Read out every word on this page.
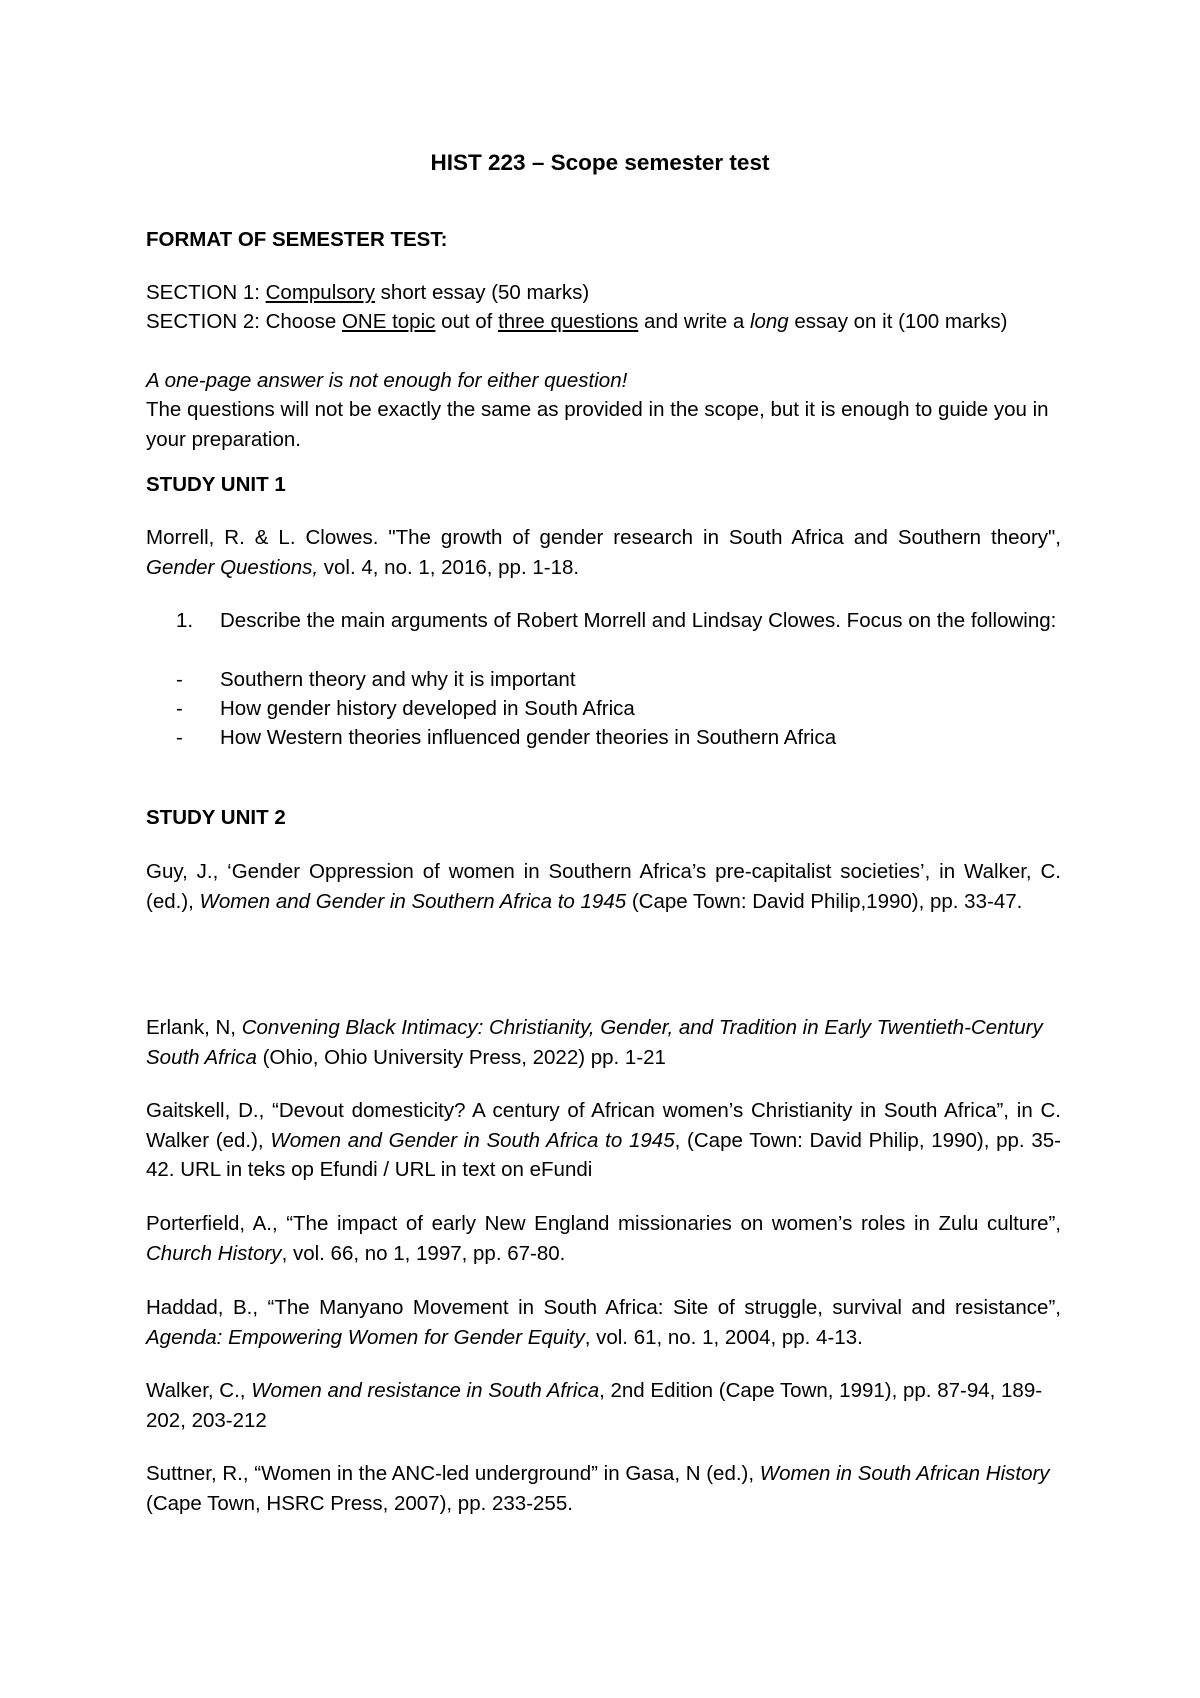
HIST 223 – Scope semester test
FORMAT OF SEMESTER TEST:
SECTION 1: Compulsory short essay (50 marks)
SECTION 2: Choose ONE topic out of three questions and write a long essay on it (100 marks)
A one-page answer is not enough for either question!
The questions will not be exactly the same as provided in the scope, but it is enough to guide you in your preparation.
STUDY UNIT 1
Morrell, R. & L. Clowes. "The growth of gender research in South Africa and Southern theory", Gender Questions, vol. 4, no. 1, 2016, pp. 1-18.
1.	Describe the main arguments of Robert Morrell and Lindsay Clowes. Focus on the following:
-	Southern theory and why it is important
-	How gender history developed in South Africa
-	How Western theories influenced gender theories in Southern Africa
STUDY UNIT 2
Guy, J., ‘Gender Oppression of women in Southern Africa’s pre-capitalist societies’, in Walker, C. (ed.), Women and Gender in Southern Africa to 1945 (Cape Town: David Philip,1990), pp. 33-47.
Erlank, N, Convening Black Intimacy: Christianity, Gender, and Tradition in Early Twentieth-Century South Africa (Ohio, Ohio University Press, 2022) pp. 1-21
Gaitskell, D., “Devout domesticity? A century of African women’s Christianity in South Africa”, in C. Walker (ed.), Women and Gender in South Africa to 1945, (Cape Town: David Philip, 1990), pp. 35-42. URL in teks op Efundi / URL in text on eFundi
Porterfield, A., “The impact of early New England missionaries on women’s roles in Zulu culture”, Church History, vol. 66, no 1, 1997, pp. 67-80.
Haddad, B., “The Manyano Movement in South Africa: Site of struggle, survival and resistance”, Agenda: Empowering Women for Gender Equity, vol. 61, no. 1, 2004, pp. 4-13.
Walker, C., Women and resistance in South Africa, 2nd Edition (Cape Town, 1991), pp. 87-94, 189-202, 203-212
Suttner, R., “Women in the ANC-led underground” in Gasa, N (ed.), Women in South African History (Cape Town, HSRC Press, 2007), pp. 233-255.
